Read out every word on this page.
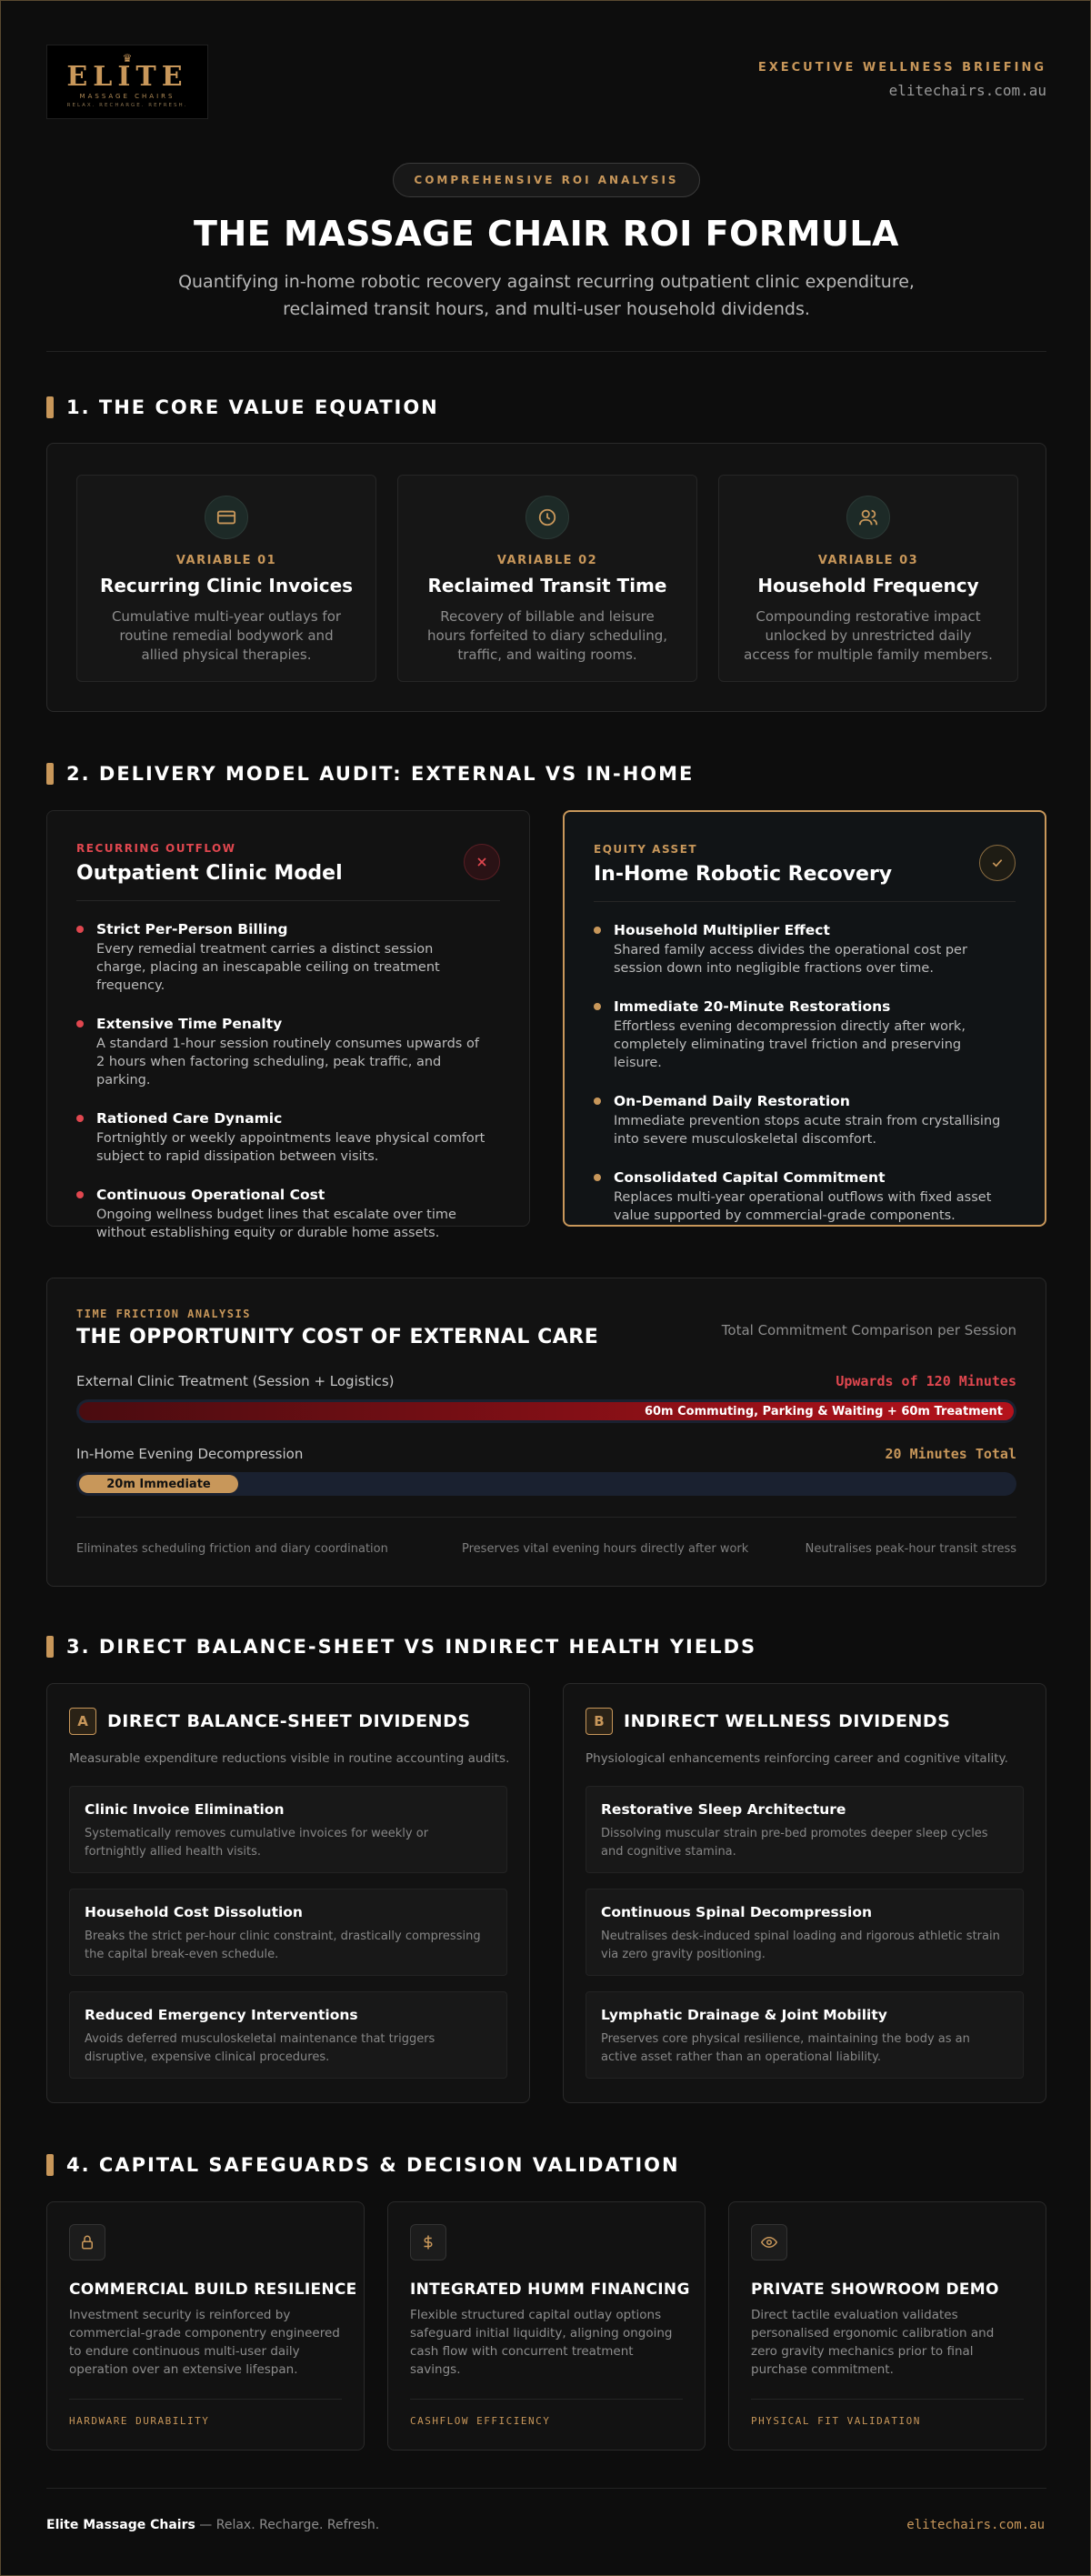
♛
ELITE
MASSAGE CHAIRS
RELAX. RECHARGE. REFRESH.
EXECUTIVE WELLNESS BRIEFING
elitechairs.com.au
COMPREHENSIVE ROI ANALYSIS
THE MASSAGE CHAIR ROI FORMULA

Quantifying in-home robotic recovery against recurring outpatient clinic expenditure, reclaimed transit hours, and multi-user household dividends.

1. THE CORE VALUE EQUATION
VARIABLE 01
Recurring Clinic Invoices
Cumulative multi-year outlays for routine remedial bodywork and allied physical therapies.
VARIABLE 02
Reclaimed Transit Time
Recovery of billable and leisure hours forfeited to diary scheduling, traffic, and waiting rooms.
VARIABLE 03
Household Frequency
Compounding restorative impact unlocked by unrestricted daily access for multiple family members.
2. DELIVERY MODEL AUDIT: EXTERNAL VS IN-HOME
RECURRING OUTFLOW
Outpatient Clinic Model
Strict Per-Person Billing
Every remedial treatment carries a distinct session charge, placing an inescapable ceiling on treatment frequency.
Extensive Time Penalty
A standard 1-hour session routinely consumes upwards of 2 hours when factoring scheduling, peak traffic, and parking.
Rationed Care Dynamic
Fortnightly or weekly appointments leave physical comfort subject to rapid dissipation between visits.
Continuous Operational Cost
Ongoing wellness budget lines that escalate over time without establishing equity or durable home assets.
EQUITY ASSET
In-Home Robotic Recovery
Household Multiplier Effect
Shared family access divides the operational cost per session down into negligible fractions over time.
Immediate 20-Minute Restorations
Effortless evening decompression directly after work, completely eliminating travel friction and preserving leisure.
On-Demand Daily Restoration
Immediate prevention stops acute strain from crystallising into severe musculoskeletal discomfort.
Consolidated Capital Commitment
Replaces multi-year operational outflows with fixed asset value supported by commercial-grade components.
TIME FRICTION ANALYSIS
THE OPPORTUNITY COST OF EXTERNAL CARE	Total Commitment Comparison per Session
External Clinic Treatment (Session + Logistics)	Upwards of 120 Minutes
60m Commuting, Parking & Waiting + 60m Treatment
In-Home Evening Decompression	20 Minutes Total
20m Immediate
Eliminates scheduling friction and diary coordination	Preserves vital evening hours directly after work	Neutralises peak-hour transit stress
3. DIRECT BALANCE-SHEET VS INDIRECT HEALTH YIELDS
A	DIRECT BALANCE-SHEET DIVIDENDS
Measurable expenditure reductions visible in routine accounting audits.
Clinic Invoice Elimination
Systematically removes cumulative invoices for weekly or fortnightly allied health visits.
Household Cost Dissolution
Breaks the strict per-hour clinic constraint, drastically compressing the capital break-even schedule.
Reduced Emergency Interventions
Avoids deferred musculoskeletal maintenance that triggers disruptive, expensive clinical procedures.
B	INDIRECT WELLNESS DIVIDENDS
Physiological enhancements reinforcing career and cognitive vitality.
Restorative Sleep Architecture
Dissolving muscular strain pre-bed promotes deeper sleep cycles and cognitive stamina.
Continuous Spinal Decompression
Neutralises desk-induced spinal loading and rigorous athletic strain via zero gravity positioning.
Lymphatic Drainage & Joint Mobility
Preserves core physical resilience, maintaining the body as an active asset rather than an operational liability.
4. CAPITAL SAFEGUARDS & DECISION VALIDATION
COMMERCIAL BUILD RESILIENCE
Investment security is reinforced by commercial-grade componentry engineered to endure continuous multi-user daily operation over an extensive lifespan.
HARDWARE DURABILITY
INTEGRATED HUMM FINANCING
Flexible structured capital outlay options safeguard initial liquidity, aligning ongoing cash flow with concurrent treatment savings.
CASHFLOW EFFICIENCY
PRIVATE SHOWROOM DEMO
Direct tactile evaluation validates personalised ergonomic calibration and zero gravity mechanics prior to final purchase commitment.
PHYSICAL FIT VALIDATION
Elite Massage Chairs — Relax. Recharge. Refresh.	elitechairs.com.au
